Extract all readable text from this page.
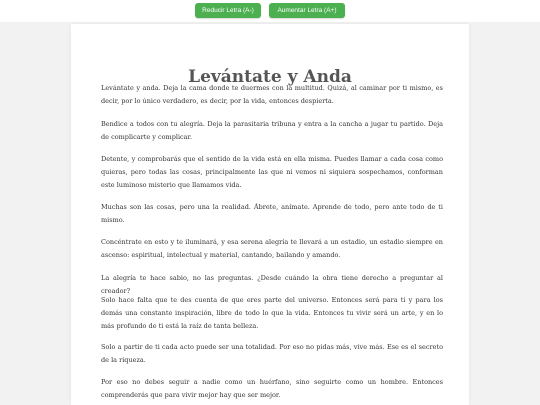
Reducir Letra (A-)	Aumentar Letra (A+)
Levántate y Anda

Levántate y anda. Deja la cama donde te duermes con la multitud. Quizá, al caminar por ti mismo, es decir, por lo único verdadero, es decir, por la vida, entonces despierta.

Bendice a todos con tu alegría. Deja la parasitaria tribuna y entra a la cancha a jugar tu partido. Deja de complicarte y complicar.

Detente, y comprobarás que el sentido de la vida está en ella misma. Puedes llamar a cada cosa como quieras, pero todas las cosas, principalmente las que ni vemos ni siquiera sospechamos, conforman este luminoso misterio que llamamos vida.

Muchas son las cosas, pero una la realidad. Ábrete, anímate. Aprende de todo, pero ante todo de ti mismo.

Concéntrate en esto y te iluminará, y esa serena alegría te llevará a un estadio, un estadio siempre en ascenso: espiritual, intelectual y material, cantando, bailando y amando.

La alegría te hace sabio, no las preguntas. ¿Desde cuándo la obra tiene derecho a preguntar al creador?

Solo hace falta que te des cuenta de que eres parte del universo. Entonces será para ti y para los demás una constante inspiración, libre de todo lo que la vida. Entonces tu vivir será un arte, y en lo más profundo de ti está la raíz de tanta belleza.

Solo a partir de ti cada acto puede ser una totalidad. Por eso no pidas más, vive más. Ese es el secreto de la riqueza.

Por eso no debes seguir a nadie como un huérfano, sino seguirte como un hombre. Entonces comprenderás que para vivir mejor hay que ser mejor.
